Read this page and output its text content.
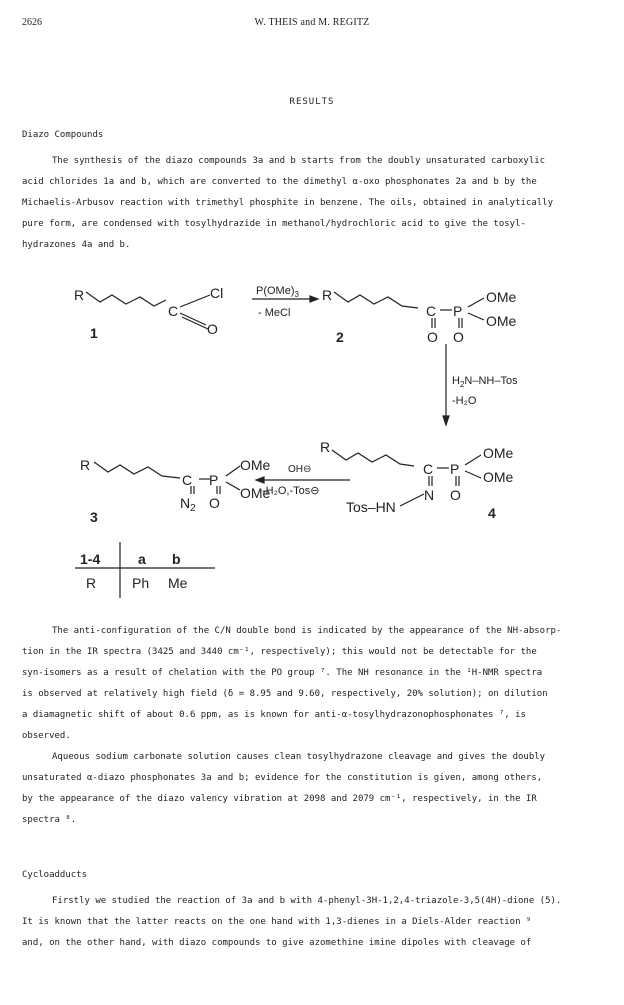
2626	W. THEIS and M. REGITZ
RESULTS
Diazo Compounds
The synthesis of the diazo compounds 3a and b starts from the doubly unsaturated carboxylic
acid chlorides 1a and b, which are converted to the dimethyl α-oxo phosphonates 2a and b by the
Michaelis-Arbusov reaction with trimethyl phosphite in benzene. The oils, obtained in analytically
pure form, are condensed with tosylhydrazide in methanol/hydrochloric acid to give the tosyl-
hydrazones 4a and b.
R
C
Cl
O
1
$P(OMe)_3$
- MeCl
R
C P
OMe
OMe
O O
2
$H_2N-NH$–Tos
-H₂O
R
C P
OMe
OMe
N O
Tos–HN	4
OH⊖
-H₂O,-Tos⊖
R
C P
OMe
OMe
$N_2$ O
3
1-4	a b
R	Ph Me
The anti-configuration of the C/N double bond is indicated by the appearance of the NH-absorp-
tion in the IR spectra (3425 and 3440 cm⁻¹, respectively); this would not be detectable for the
syn-isomers as a result of chelation with the PO group ⁷. The NH resonance in the ¹H-NMR spectra
is observed at relatively high field (δ = 8.95 and 9.60, respectively, 20% solution); on dilution
a diamagnetic shift of about 0.6 ppm, as is known for anti-α-tosylhydrazonophosphonates ⁷, is
observed.
Aqueous sodium carbonate solution causes clean tosylhydrazone cleavage and gives the doubly
unsaturated α-diazo phosphonates 3a and b; evidence for the constitution is given, among others,
by the appearance of the diazo valency vibration at 2098 and 2079 cm⁻¹, respectively, in the IR
spectra ⁸.
Cycloadducts
Firstly we studied the reaction of 3a and b with 4-phenyl-3H-1,2,4-triazole-3,5(4H)-dione (5).
It is known that the latter reacts on the one hand with 1,3-dienes in a Diels-Alder reaction ⁹
and, on the other hand, with diazo compounds to give azomethine imine dipoles with cleavage of
